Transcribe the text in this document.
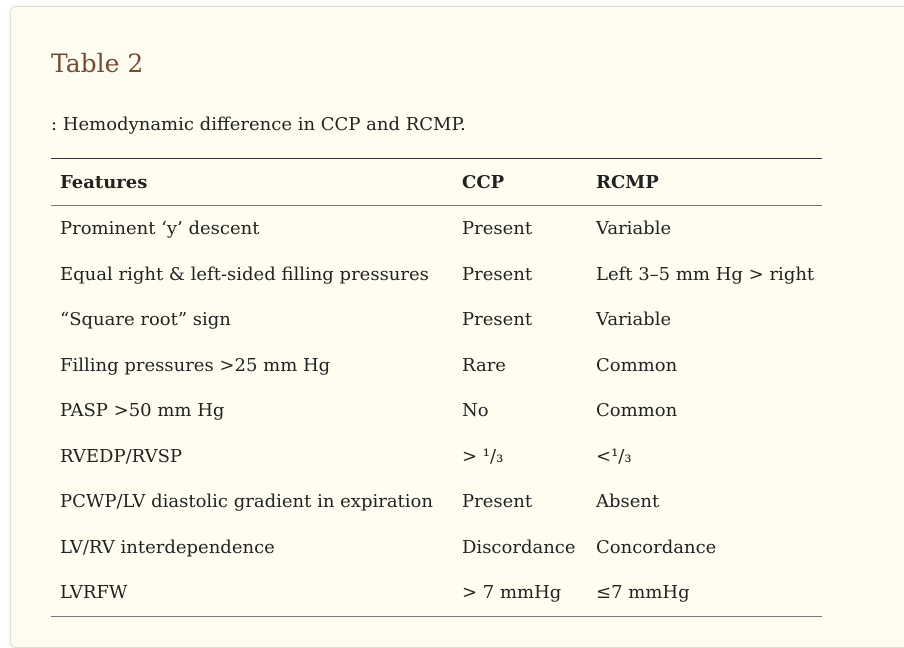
Table 2
: Hemodynamic difference in CCP and RCMP.
Features	CCP	RCMP
Prominent ‘y’ descent	Present	Variable
Equal right & left-sided filling pressures	Present	Left 3–5 mm Hg > right
“Square root” sign	Present	Variable
Filling pressures >25 mm Hg	Rare	Common
PASP >50 mm Hg	No	Common
RVEDP/RVSP	> ¹/₃	<¹/₃
PCWP/LV diastolic gradient in expiration	Present	Absent
LV/RV interdependence	Discordance	Concordance
LVRFW	> 7 mmHg	≤7 mmHg
